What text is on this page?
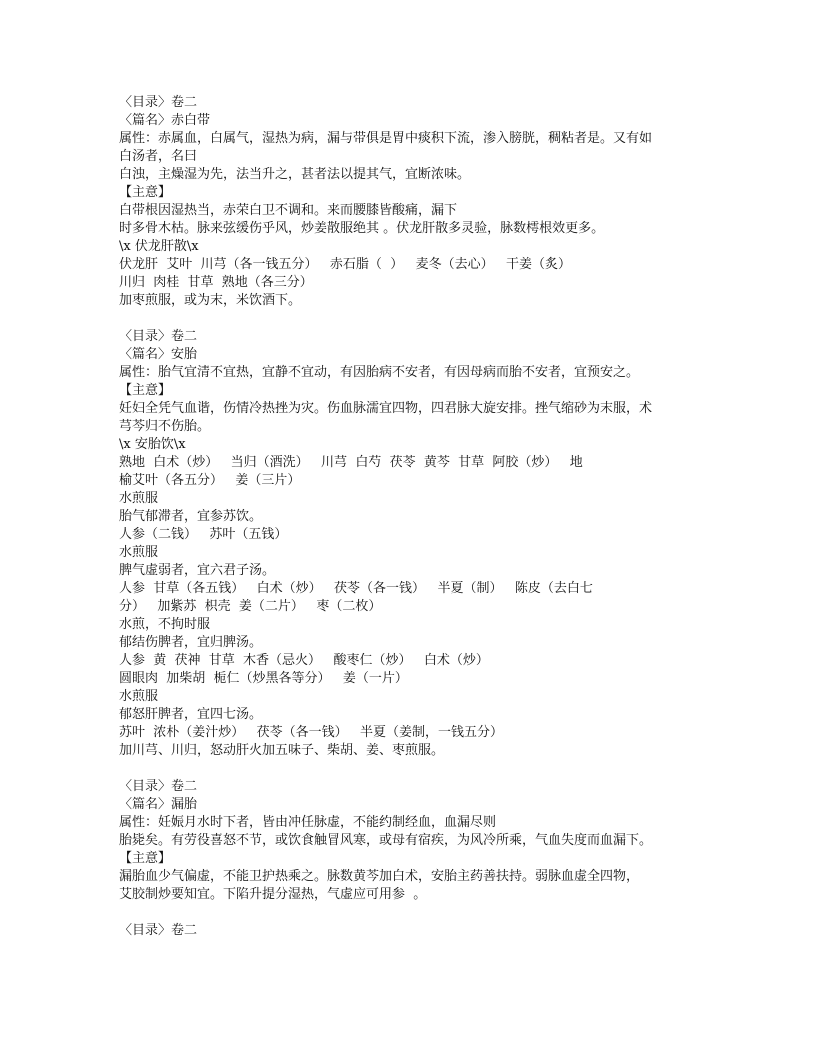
〈目录〉卷二
〈篇名〉赤白带
属性：赤属血，白属气，湿热为病，漏与带俱是胃中痰积下流，渗入膀胱，稠粘者是。又有如
白汤者，名曰
白浊，主燥湿为先，法当升之，甚者法以提其气，宜断浓味。
【主意】
白带根因湿热当，赤荣白卫不调和。来而腰膝皆酸痛，漏下
时多骨木枯。脉来弦缓伤乎风，炒姜散服绝其 。伏龙肝散多灵验，脉数樗根效更多。
\x 伏龙肝散\x
伏龙肝  艾叶  川芎（各一钱五分）   赤石脂（  ）   麦冬（去心）   干姜（炙）
川归  肉桂  甘草  熟地（各三分）
加枣煎服，或为末，米饮酒下。
〈目录〉卷二
〈篇名〉安胎
属性：胎气宜清不宜热，宜静不宜动，有因胎病不安者，有因母病而胎不安者，宜预安之。
【主意】
妊妇全凭气血谐，伤情冷热挫为灾。伤血脉濡宜四物，四君脉大旋安排。挫气缩砂为末服，术
芎芩归不伤胎。
\x 安胎饮\x
熟地  白术（炒）   当归（酒洗）   川芎  白芍  茯苓  黄芩  甘草  阿胶（炒）   地
榆艾叶（各五分）   姜（三片）
水煎服
胎气郁滞者，宜参苏饮。
人参（二钱）   苏叶（五钱）
水煎服
脾气虚弱者，宜六君子汤。
人参  甘草（各五钱）   白术（炒）   茯苓（各一钱）   半夏（制）   陈皮（去白七
分）   加紫苏  枳壳  姜（二片）   枣（二枚）
水煎，不拘时服
郁结伤脾者，宜归脾汤。
人参  黄  茯神  甘草  木香（忌火）   酸枣仁（炒）   白术（炒）
圆眼肉  加柴胡  栀仁（炒黑各等分）   姜（一片）
水煎服
郁怒肝脾者，宜四七汤。
苏叶  浓朴（姜汁炒）   茯苓（各一钱）   半夏（姜制，一钱五分）
加川芎、川归，怒动肝火加五味子、柴胡、姜、枣煎服。
〈目录〉卷二
〈篇名〉漏胎
属性：妊娠月水时下者，皆由冲任脉虚，不能约制经血，血漏尽则
胎毙矣。有劳役喜怒不节，或饮食触冒风寒，或母有宿疾，为风冷所乘，气血失度而血漏下。
【主意】
漏胎血少气偏虚，不能卫护热乘之。脉数黄芩加白术，安胎主药善扶持。弱脉血虚全四物，
艾胶制炒要知宜。下陷升提分湿热，气虚应可用参  。
〈目录〉卷二
